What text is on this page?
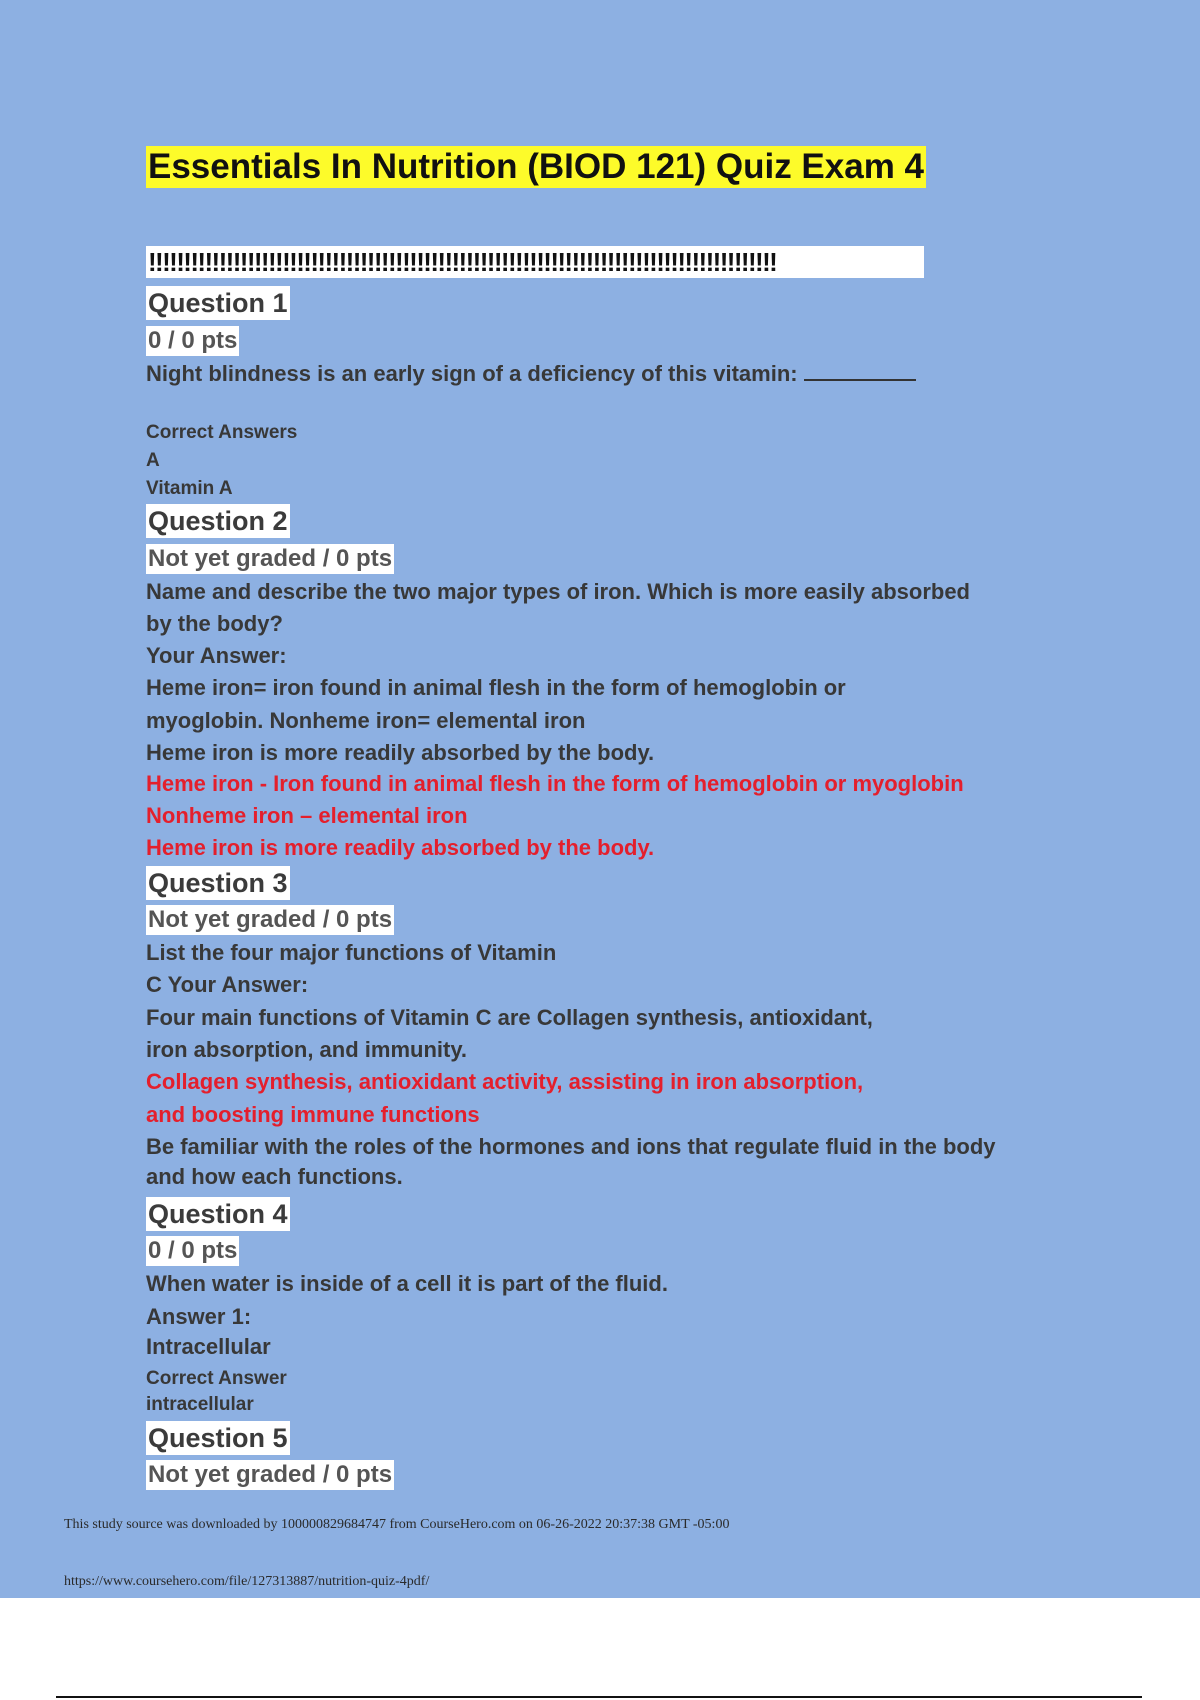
Essentials In Nutrition (BIOD 121) Quiz Exam 4
!!!!!!!!!!!!!!!!!!!!!!!!!!!!!!!!!!!!!!!!!!!!!!!!!!!!!!!!!!!!!!!!!!!!!!!!!!!!!!!!!!!!!!!!!
Question 1
0 / 0 pts
Night blindness is an early sign of a deficiency of this vitamin:
Correct Answers
A
Vitamin A
Question 2
Not yet graded / 0 pts
Name and describe the two major types of iron. Which is more easily absorbed
by the body?
Your Answer:
Heme iron= iron found in animal flesh in the form of hemoglobin or
myoglobin. Nonheme iron= elemental iron
Heme iron is more readily absorbed by the body.
Heme iron - Iron found in animal flesh in the form of hemoglobin or myoglobin
Nonheme iron – elemental iron
Heme iron is more readily absorbed by the body.
Question 3
Not yet graded / 0 pts
List the four major functions of Vitamin
C Your Answer:
Four main functions of Vitamin C are Collagen synthesis, antioxidant,
iron absorption, and immunity.
Collagen synthesis, antioxidant activity, assisting in iron absorption,
and boosting immune functions
Be familiar with the roles of the hormones and ions that regulate fluid in the body
and how each functions.
Question 4
0 / 0 pts
When water is inside of a cell it is part of the fluid.
Answer 1:
Intracellular
Correct Answer
intracellular
Question 5
Not yet graded / 0 pts
This study source was downloaded by 100000829684747 from CourseHero.com on 06-26-2022 20:37:38 GMT -05:00
https://www.coursehero.com/file/127313887/nutrition-quiz-4pdf/
